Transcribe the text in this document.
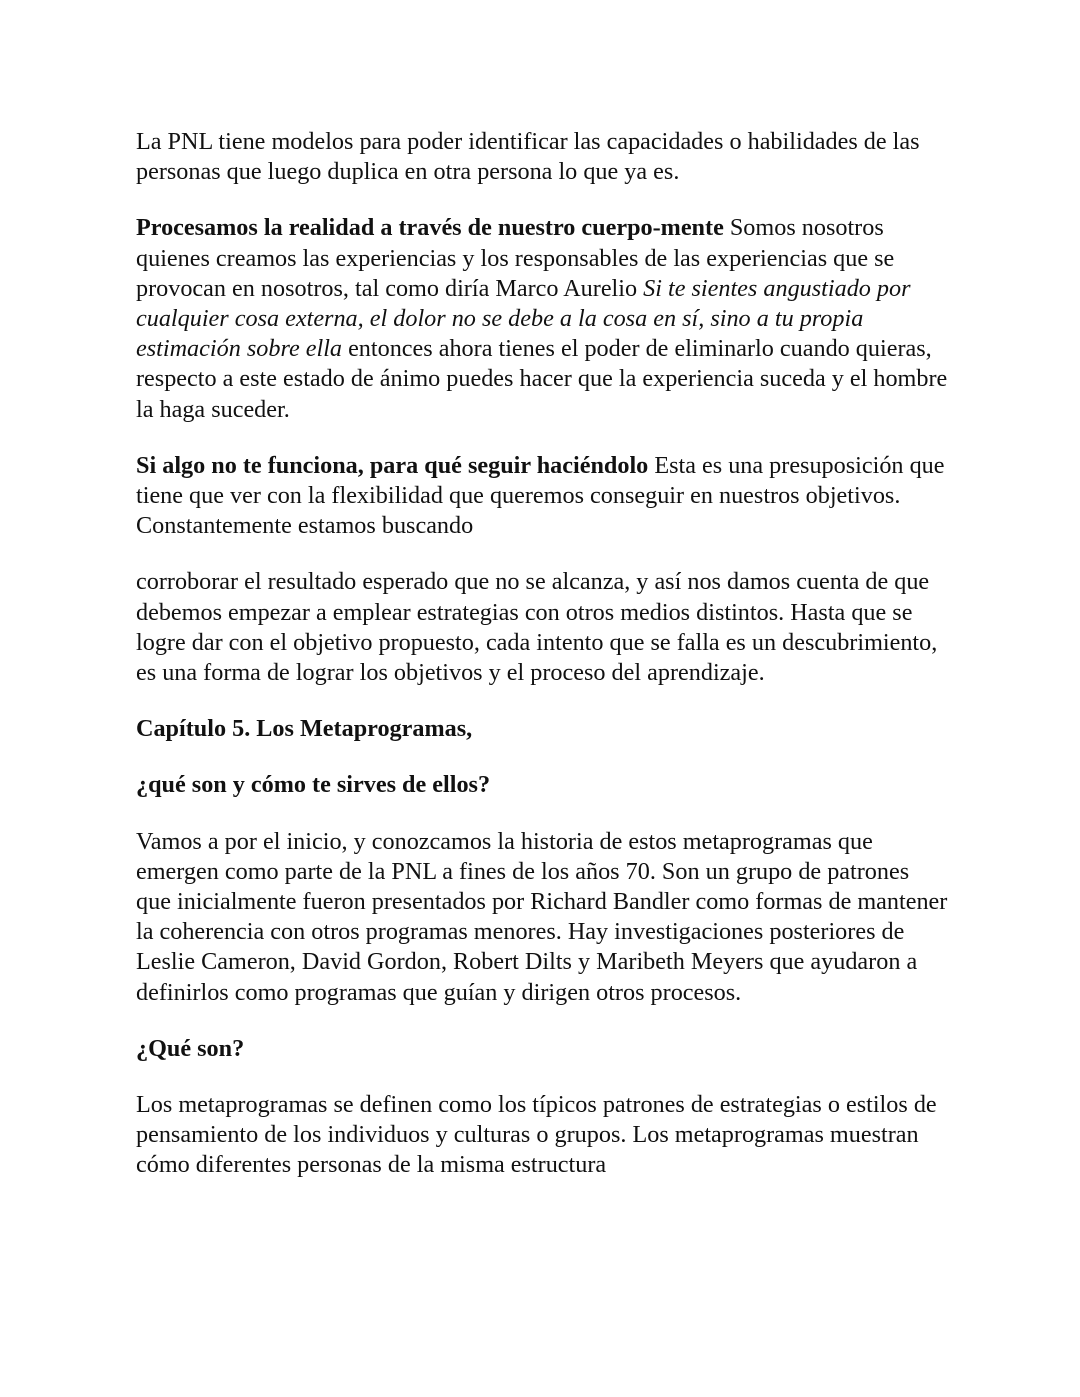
La PNL tiene modelos para poder identificar las capacidades o habilidades de las personas que luego duplica en otra persona lo que ya es.

Procesamos la realidad a través de nuestro cuerpo-mente Somos nosotros quienes creamos las experiencias y los responsables de las experiencias que se provocan en nosotros, tal como diría Marco Aurelio Si te sientes angustiado por cualquier cosa externa, el dolor no se debe a la cosa en sí, sino a tu propia estimación sobre ella entonces ahora tienes el poder de eliminarlo cuando quieras, respecto a este estado de ánimo puedes hacer que la experiencia suceda y el hombre la haga suceder.

Si algo no te funciona, para qué seguir haciéndolo Esta es una presuposición que tiene que ver con la flexibilidad que queremos conseguir en nuestros objetivos. Constantemente estamos buscando

corroborar el resultado esperado que no se alcanza, y así nos damos cuenta de que debemos empezar a emplear estrategias con otros medios distintos. Hasta que se logre dar con el objetivo propuesto, cada intento que se falla es un descubrimiento, es una forma de lograr los objetivos y el proceso del aprendizaje.

Capítulo 5. Los Metaprogramas,

¿qué son y cómo te sirves de ellos?

Vamos a por el inicio, y conozcamos la historia de estos metaprogramas que emergen como parte de la PNL a fines de los años 70. Son un grupo de patrones que inicialmente fueron presentados por Richard Bandler como formas de mantener la coherencia con otros programas menores. Hay investigaciones posteriores de Leslie Cameron, David Gordon, Robert Dilts y Maribeth Meyers que ayudaron a definirlos como programas que guían y dirigen otros procesos.

¿Qué son?

Los metaprogramas se definen como los típicos patrones de estrategias o estilos de pensamiento de los individuos y culturas o grupos. Los metaprogramas muestran cómo diferentes personas de la misma estructura
